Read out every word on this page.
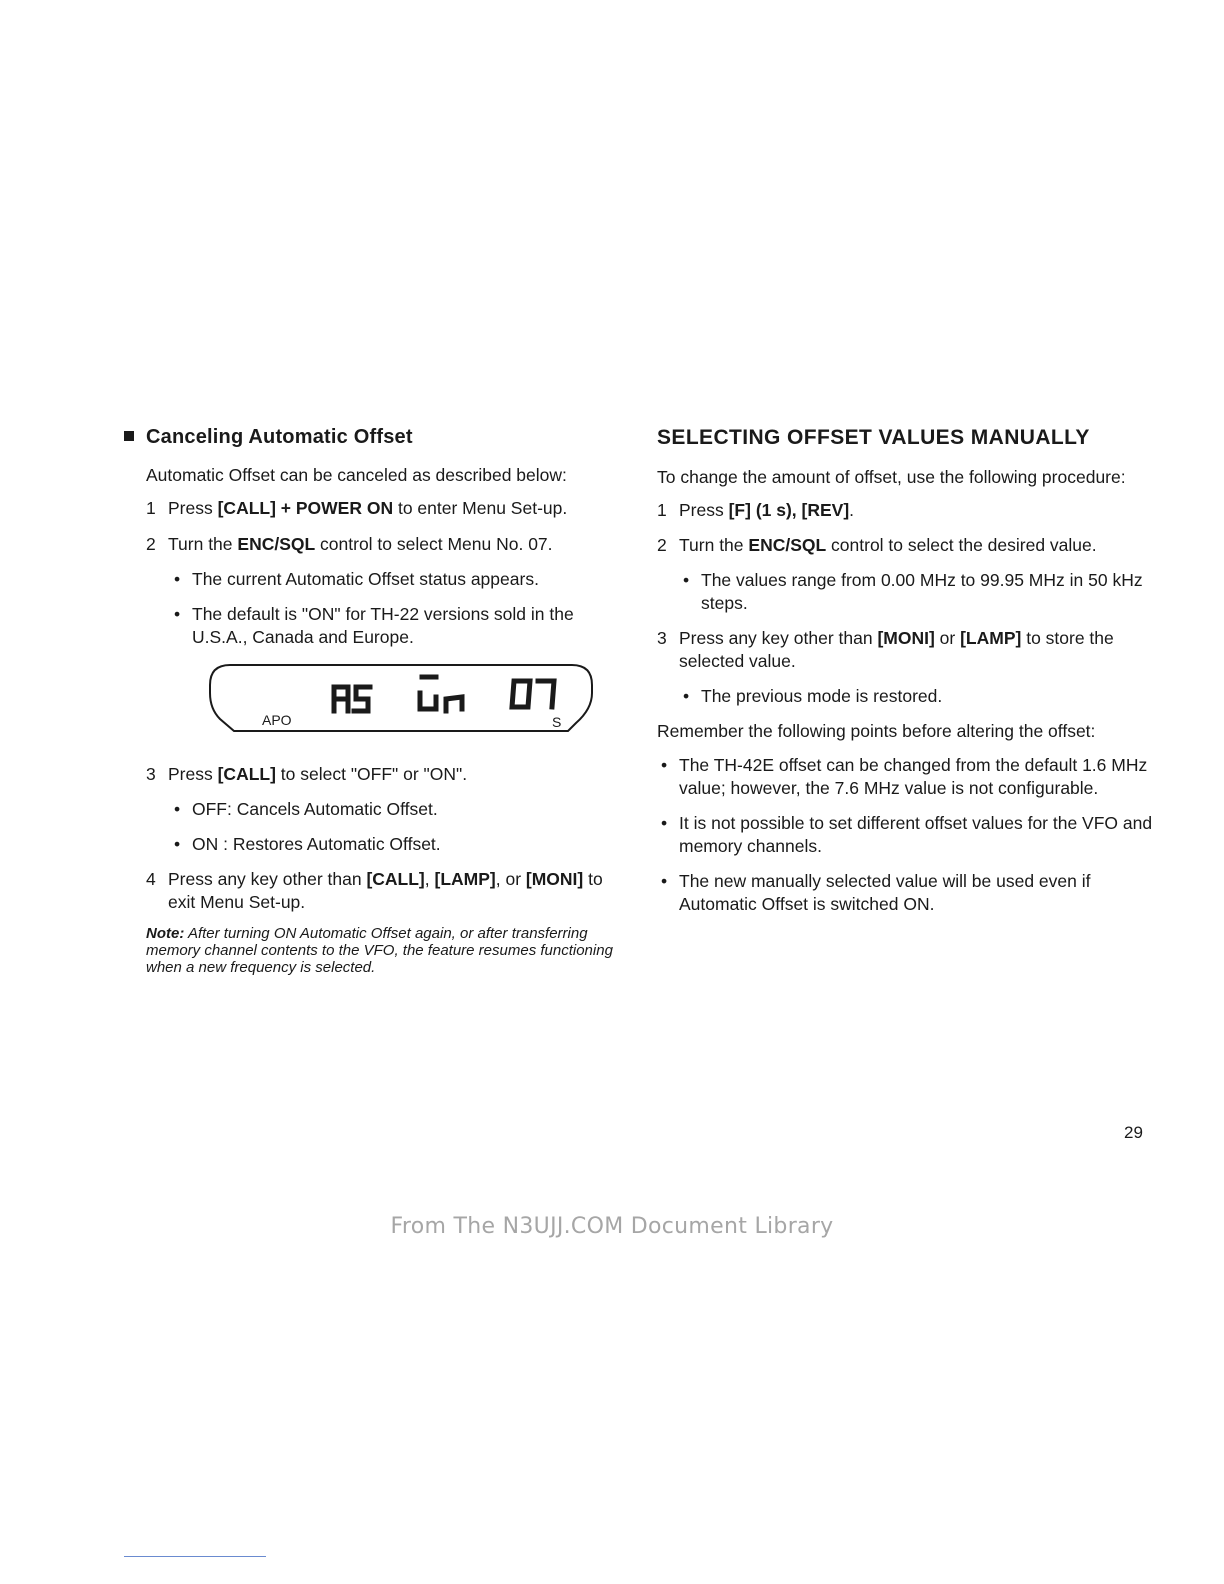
Canceling Automatic Offset

Automatic Offset can be canceled as described below:

1 Press [CALL] + POWER ON to enter Menu Set-up.

2 Turn the ENC/SQL control to select Menu No. 07.

• The current Automatic Offset status appears.

• The default is "ON" for TH-22 versions sold in the U.S.A., Canada and Europe.

APO	S

3 Press [CALL] to select "OFF" or "ON".

• OFF: Cancels Automatic Offset.

• ON : Restores Automatic Offset.

4 Press any key other than [CALL], [LAMP], or [MONI] to exit Menu Set-up.

Note: After turning ON Automatic Offset again, or after transferring memory channel contents to the VFO, the feature resumes functioning when a new frequency is selected.

SELECTING OFFSET VALUES MANUALLY

To change the amount of offset, use the following procedure:

1 Press [F] (1 s), [REV].

2 Turn the ENC/SQL control to select the desired value.

• The values range from 0.00 MHz to 99.95 MHz in 50 kHz steps.

3 Press any key other than [MONI] or [LAMP] to store the selected value.

• The previous mode is restored.

Remember the following points before altering the offset:

• The TH-42E offset can be changed from the default 1.6 MHz value; however, the 7.6 MHz value is not configurable.

• It is not possible to set different offset values for the VFO and memory channels.

• The new manually selected value will be used even if Automatic Offset is switched ON.

29
From The N3UJJ.COM Document Library
